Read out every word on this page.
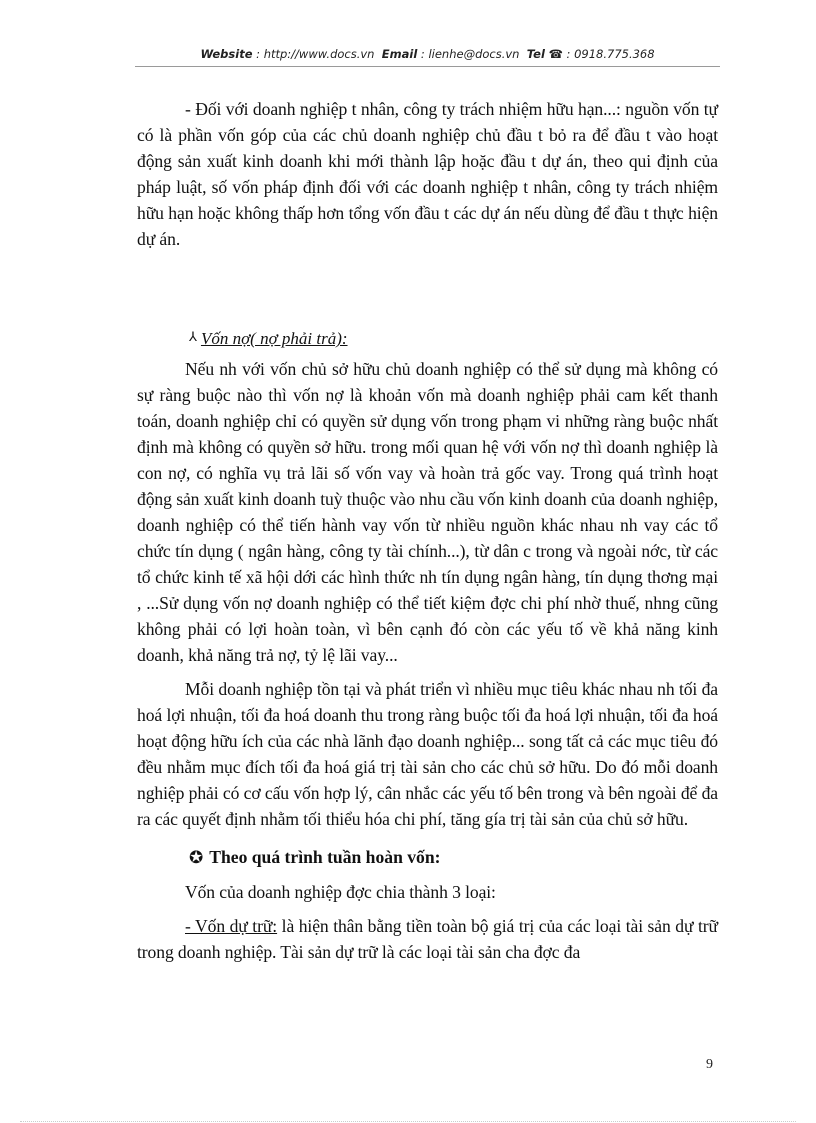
Website : http://www.docs.vn Email : lienhe@docs.vn Tel ☎ : 0918.775.368

- Đối với doanh nghiệp t nhân, công ty trách nhiệm hữu hạn...: nguồn vốn tự có là phần vốn góp của các chủ doanh nghiệp chủ đầu t bỏ ra để đầu t vào hoạt động sản xuất kinh doanh khi mới thành lập hoặc đầu t dự án, theo qui định của pháp luật, số vốn pháp định đối với các doanh nghiệp t nhân, công ty trách nhiệm hữu hạn hoặc không thấp hơn tổng vốn đầu t các dự án nếu dùng để đầu t thực hiện dự án.

⅄ Vốn nợ( nợ phải trả):

Nếu nh với vốn chủ sở hữu chủ doanh nghiệp có thể sử dụng mà không có sự ràng buộc nào thì vốn nợ là khoản vốn mà doanh nghiệp phải cam kết thanh toán, doanh nghiệp chỉ có quyền sử dụng vốn trong phạm vi những ràng buộc nhất định mà không có quyền sở hữu. trong mối quan hệ với vốn nợ thì doanh nghiệp là con nợ, có nghĩa vụ trả lãi số vốn vay và hoàn trả gốc vay. Trong quá trình hoạt động sản xuất kinh doanh tuỳ thuộc vào nhu cầu vốn kinh doanh của doanh nghiệp, doanh nghiệp có thể tiến hành vay vốn từ nhiều nguồn khác nhau nh vay các tổ chức tín dụng ( ngân hàng, công ty tài chính...), từ dân c trong và ngoài nớc, từ các tổ chức kinh tế xã hội dới các hình thức nh tín dụng ngân hàng, tín dụng thơng mại , ...Sử dụng vốn nợ doanh nghiệp có thể tiết kiệm đợc chi phí nhờ thuế, nhng cũng không phải có lợi hoàn toàn, vì bên cạnh đó còn các yếu tố về khả năng kinh doanh, khả năng trả nợ, tỷ lệ lãi vay...

Mỗi doanh nghiệp tồn tại và phát triển vì nhiều mục tiêu khác nhau nh tối đa hoá lợi nhuận, tối đa hoá doanh thu trong ràng buộc tối đa hoá lợi nhuận, tối đa hoá hoạt động hữu ích của các nhà lãnh đạo doanh nghiệp... song tất cả các mục tiêu đó đều nhằm mục đích tối đa hoá giá trị tài sản cho các chủ sở hữu. Do đó mỗi doanh nghiệp phải có cơ cấu vốn hợp lý, cân nhắc các yếu tố bên trong và bên ngoài để đa ra các quyết định nhằm tối thiểu hóa chi phí, tăng gía trị tài sản của chủ sở hữu.

✪ Theo quá trình tuần hoàn vốn:

Vốn của doanh nghiệp đợc chia thành 3 loại:

- Vốn dự trữ: là hiện thân bằng tiền toàn bộ giá trị của các loại tài sản dự trữ trong doanh nghiệp. Tài sản dự trữ là các loại tài sản cha đợc đa

9
